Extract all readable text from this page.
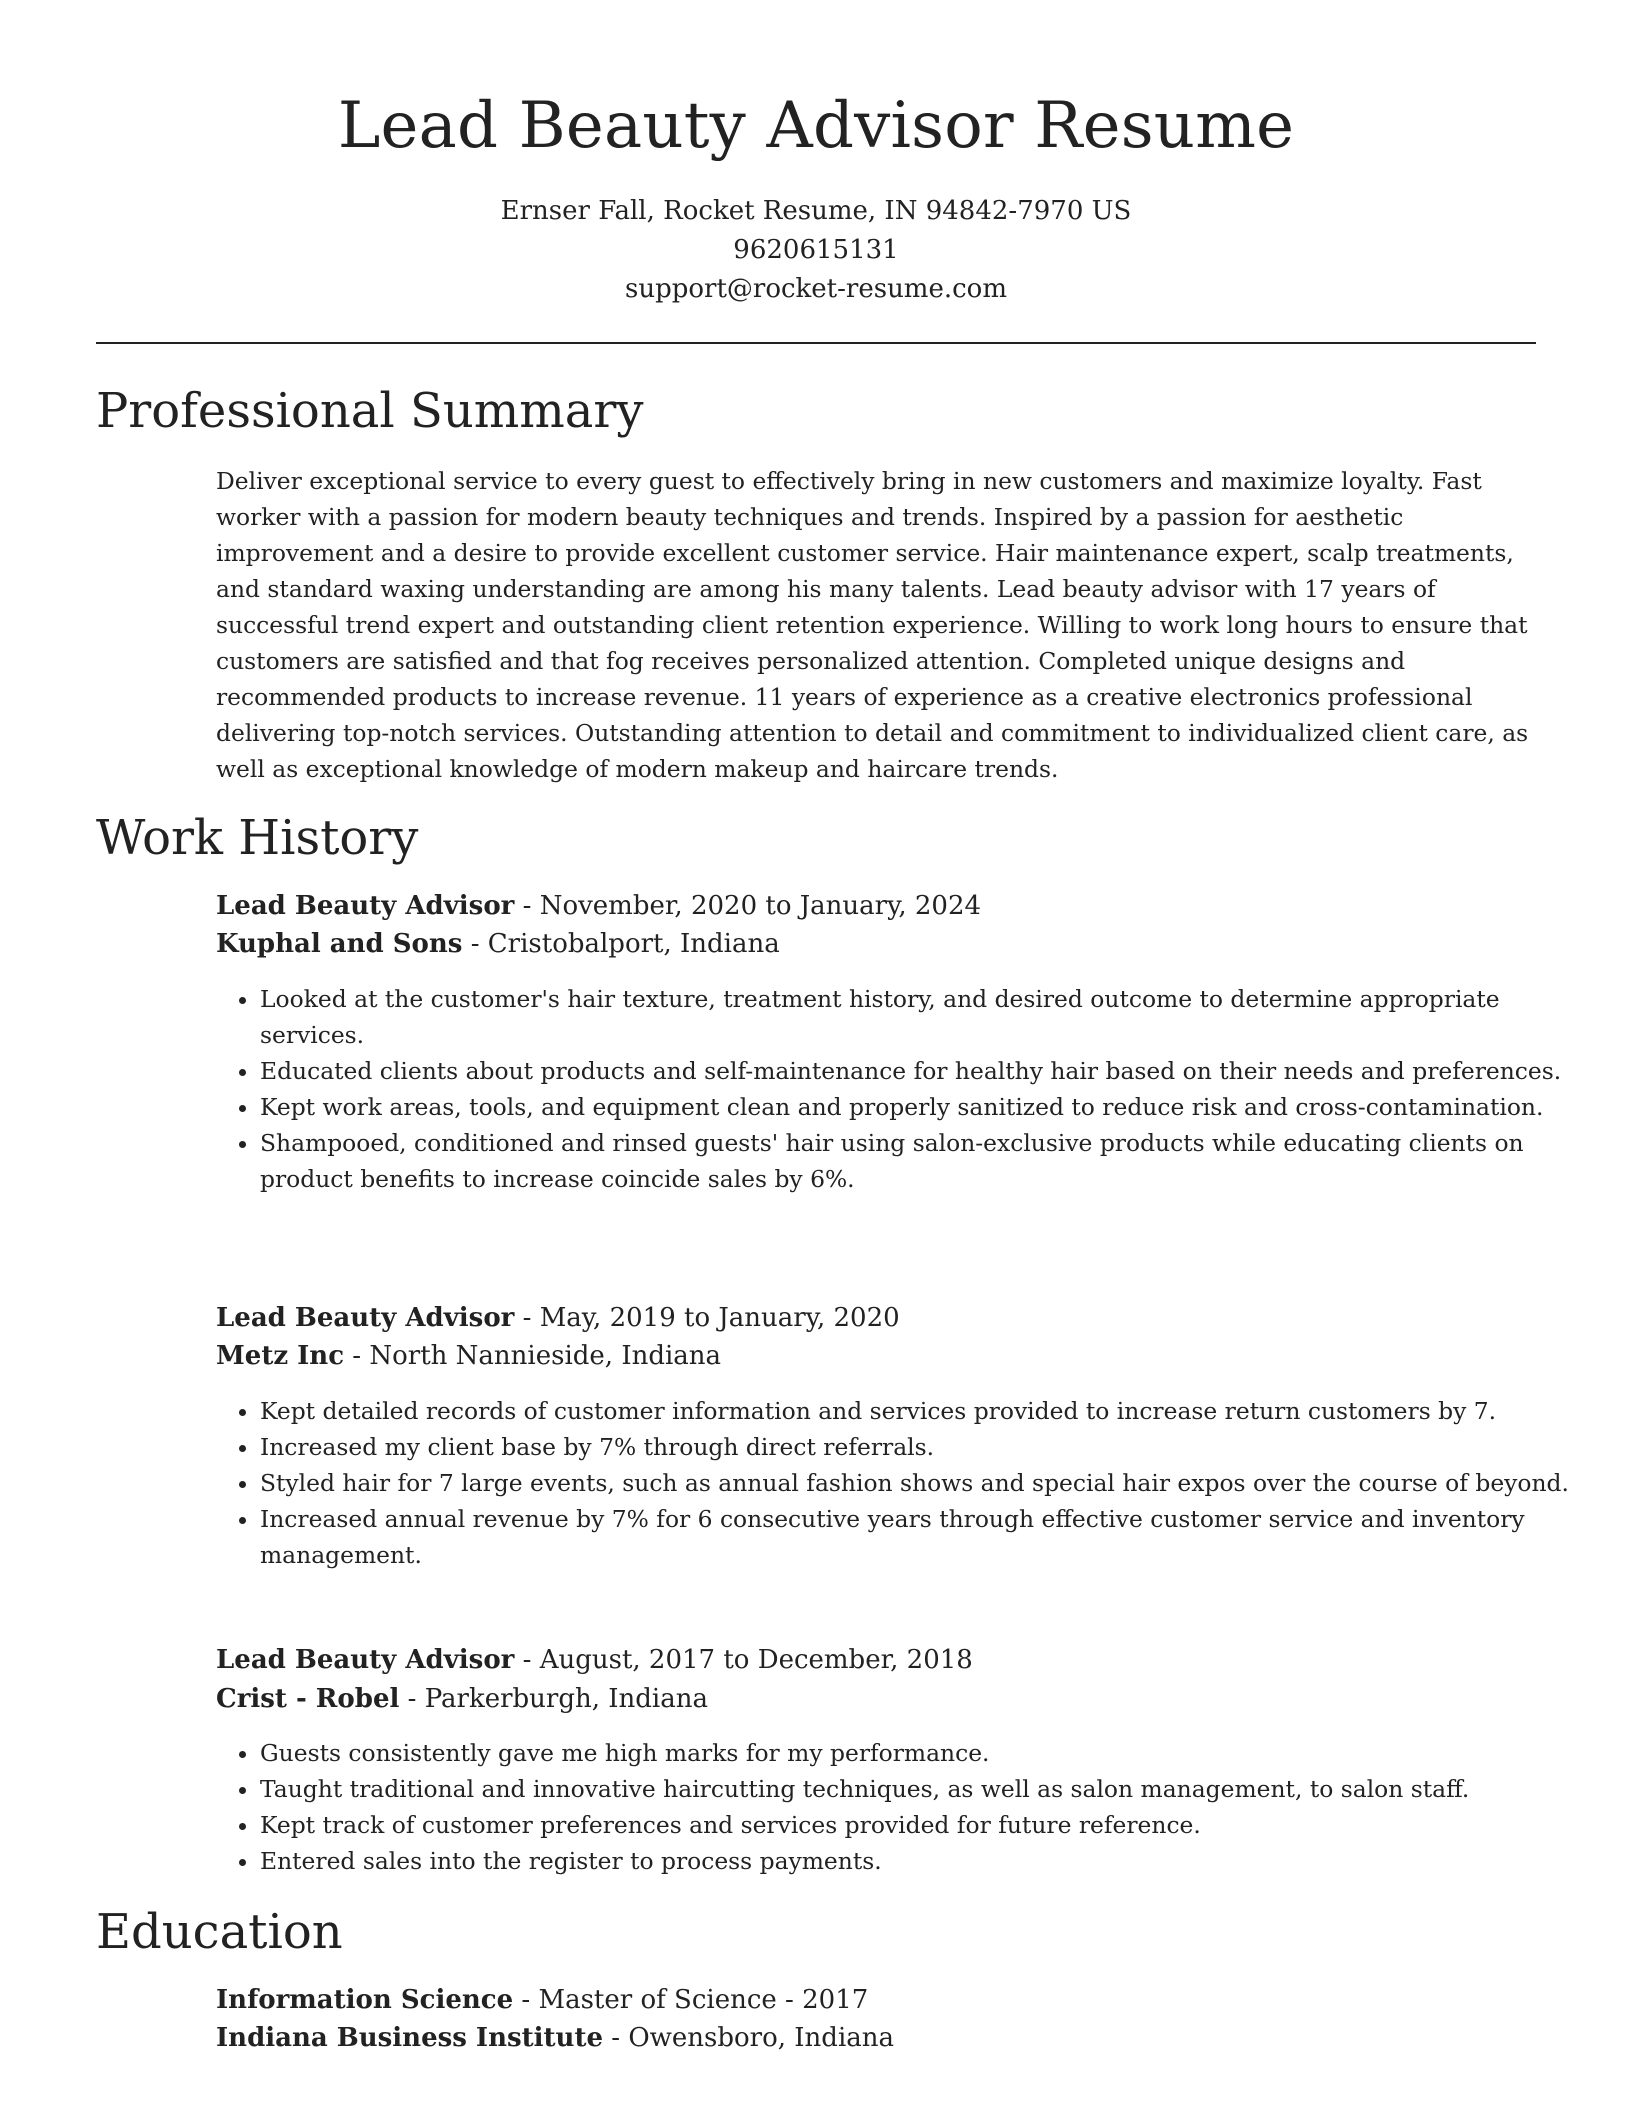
Lead Beauty Advisor Resume
Ernser Fall, Rocket Resume, IN 94842-7970 US
9620615131
support@rocket-resume.com
Professional Summary

Deliver exceptional service to every guest to effectively bring in new customers and maximize loyalty. Fast worker with a passion for modern beauty techniques and trends. Inspired by a passion for aesthetic improvement and a desire to provide excellent customer service. Hair maintenance expert, scalp treatments, and standard waxing understanding are among his many talents. Lead beauty advisor with 17 years of successful trend expert and outstanding client retention experience. Willing to work long hours to ensure that customers are satisfied and that fog receives personalized attention. Completed unique designs and recommended products to increase revenue. 11 years of experience as a creative electronics professional delivering top-notch services. Outstanding attention to detail and commitment to individualized client care, as well as exceptional knowledge of modern makeup and haircare trends.

Work History
Lead Beauty Advisor - November, 2020 to January, 2024
Kuphal and Sons - Cristobalport, Indiana
• Looked at the customer's hair texture, treatment history, and desired outcome to determine appropriate services.
• Educated clients about products and self-maintenance for healthy hair based on their needs and preferences.
• Kept work areas, tools, and equipment clean and properly sanitized to reduce risk and cross-contamination.
• Shampooed, conditioned and rinsed guests' hair using salon-exclusive products while educating clients on product benefits to increase coincide sales by 6%.
Lead Beauty Advisor - May, 2019 to January, 2020
Metz Inc - North Nannieside, Indiana
• Kept detailed records of customer information and services provided to increase return customers by 7.
• Increased my client base by 7% through direct referrals.
• Styled hair for 7 large events, such as annual fashion shows and special hair expos over the course of beyond.
• Increased annual revenue by 7% for 6 consecutive years through effective customer service and inventory management.
Lead Beauty Advisor - August, 2017 to December, 2018
Crist - Robel - Parkerburgh, Indiana
• Guests consistently gave me high marks for my performance.
• Taught traditional and innovative haircutting techniques, as well as salon management, to salon staff.
• Kept track of customer preferences and services provided for future reference.
• Entered sales into the register to process payments.
Education
Information Science - Master of Science - 2017
Indiana Business Institute - Owensboro, Indiana
